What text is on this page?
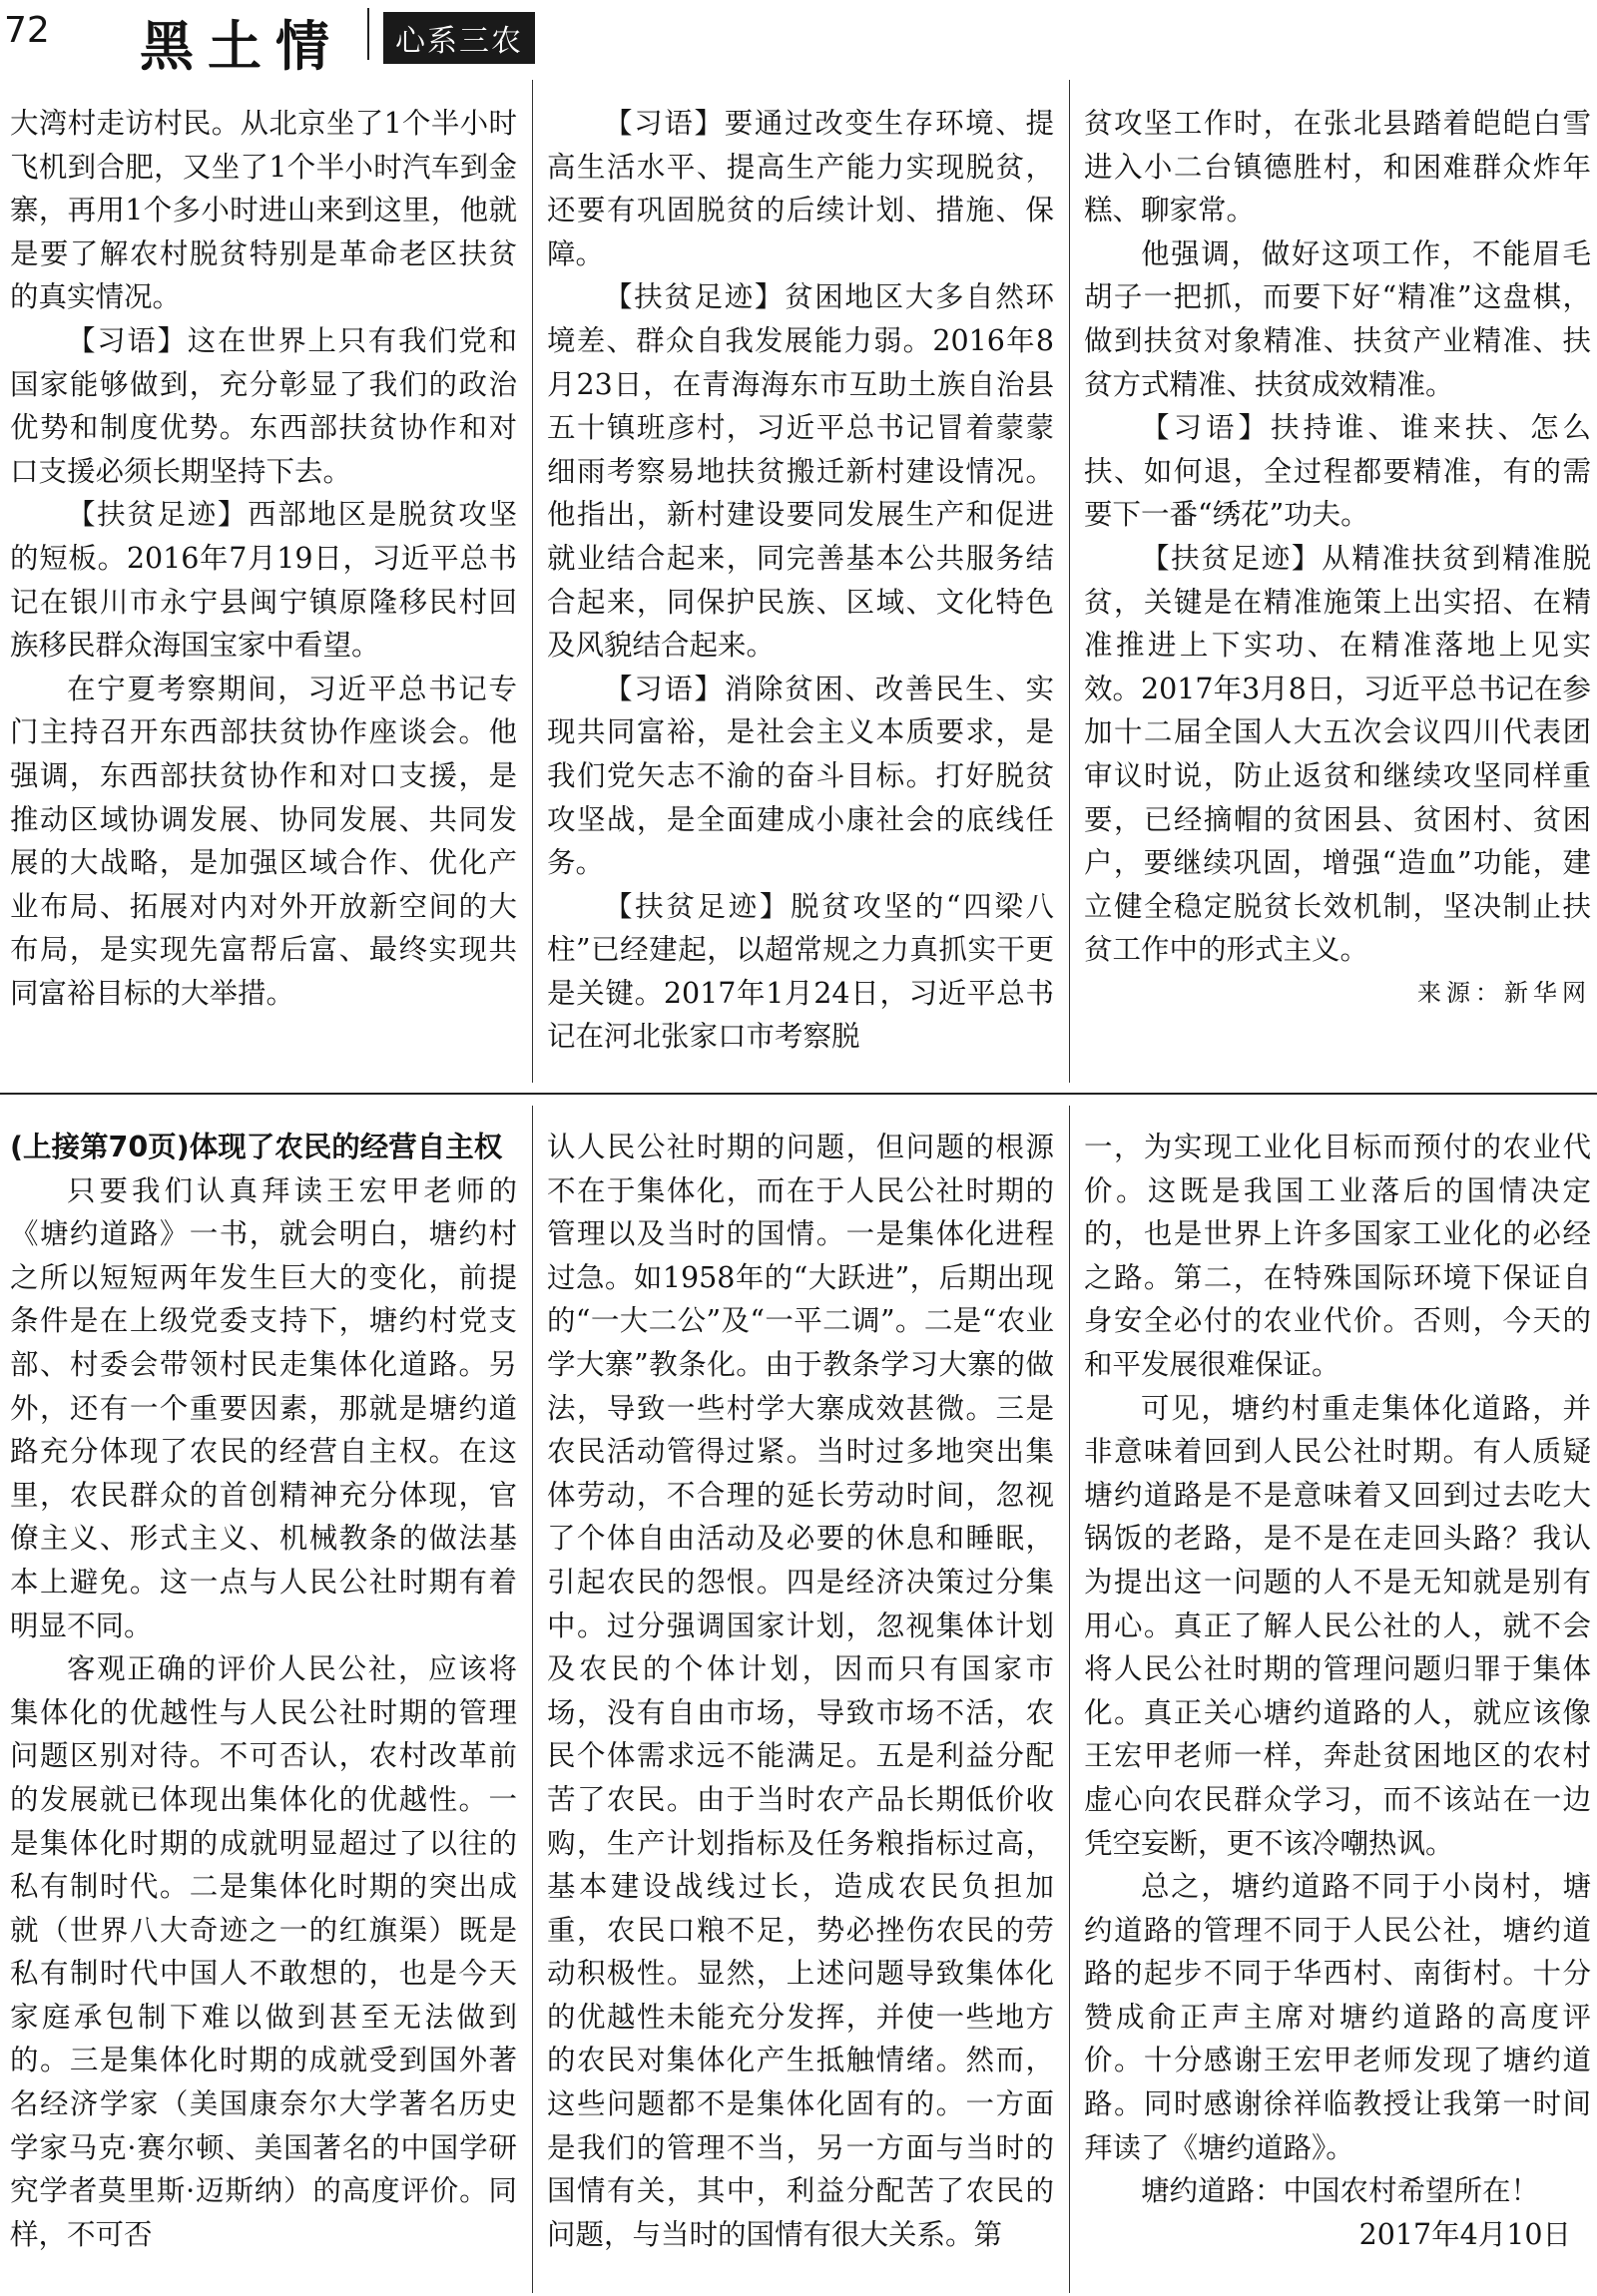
72 黑土情	心系三农

大湾村走访村民。从北京坐了1个半小时飞机到合肥，又坐了1个半小时汽车到金寨，再用1个多小时进山来到这里，他就是要了解农村脱贫特别是革命老区扶贫的真实情况。

【习语】这在世界上只有我们党和国家能够做到，充分彰显了我们的政治优势和制度优势。东西部扶贫协作和对口支援必须长期坚持下去。

【扶贫足迹】西部地区是脱贫攻坚的短板。2016年7月19日，习近平总书记在银川市永宁县闽宁镇原隆移民村回族移民群众海国宝家中看望。

在宁夏考察期间，习近平总书记专门主持召开东西部扶贫协作座谈会。他强调，东西部扶贫协作和对口支援，是推动区域协调发展、协同发展、共同发展的大战略，是加强区域合作、优化产业布局、拓展对内对外开放新空间的大布局，是实现先富帮后富、最终实现共同富裕目标的大举措。

【习语】要通过改变生存环境、提高生活水平、提高生产能力实现脱贫，还要有巩固脱贫的后续计划、措施、保障。

【扶贫足迹】贫困地区大多自然环境差、群众自我发展能力弱。2016年8月23日，在青海海东市互助土族自治县五十镇班彦村，习近平总书记冒着蒙蒙细雨考察易地扶贫搬迁新村建设情况。他指出，新村建设要同发展生产和促进就业结合起来，同完善基本公共服务结合起来，同保护民族、区域、文化特色及风貌结合起来。

【习语】消除贫困、改善民生、实现共同富裕，是社会主义本质要求，是我们党矢志不渝的奋斗目标。打好脱贫攻坚战，是全面建成小康社会的底线任务。

【扶贫足迹】脱贫攻坚的“四梁八柱”已经建起，以超常规之力真抓实干更是关键。2017年1月24日，习近平总书记在河北张家口市考察脱

贫攻坚工作时，在张北县踏着皑皑白雪进入小二台镇德胜村，和困难群众炸年糕、聊家常。

他强调，做好这项工作，不能眉毛胡子一把抓，而要下好“精准”这盘棋，做到扶贫对象精准、扶贫产业精准、扶贫方式精准、扶贫成效精准。

【习语】扶持谁、谁来扶、怎么扶、如何退，全过程都要精准，有的需要下一番“绣花”功夫。

【扶贫足迹】从精准扶贫到精准脱贫，关键是在精准施策上出实招、在精准推进上下实功、在精准落地上见实效。2017年3月8日，习近平总书记在参加十二届全国人大五次会议四川代表团审议时说，防止返贫和继续攻坚同样重要，已经摘帽的贫困县、贫困村、贫困户，要继续巩固，增强“造血”功能，建立健全稳定脱贫长效机制，坚决制止扶贫工作中的形式主义。

来源：新华网

(上接第70页)体现了农民的经营自主权

只要我们认真拜读王宏甲老师的《塘约道路》一书，就会明白，塘约村之所以短短两年发生巨大的变化，前提条件是在上级党委支持下，塘约村党支部、村委会带领村民走集体化道路。另外，还有一个重要因素，那就是塘约道路充分体现了农民的经营自主权。在这里，农民群众的首创精神充分体现，官僚主义、形式主义、机械教条的做法基本上避免。这一点与人民公社时期有着明显不同。

客观正确的评价人民公社，应该将集体化的优越性与人民公社时期的管理问题区别对待。不可否认，农村改革前的发展就已体现出集体化的优越性。一是集体化时期的成就明显超过了以往的私有制时代。二是集体化时期的突出成就（世界八大奇迹之一的红旗渠）既是私有制时代中国人不敢想的，也是今天家庭承包制下难以做到甚至无法做到的。三是集体化时期的成就受到国外著名经济学家（美国康奈尔大学著名历史学家马克·赛尔顿、美国著名的中国学研究学者莫里斯·迈斯纳）的高度评价。同样，不可否

认人民公社时期的问题，但问题的根源不在于集体化，而在于人民公社时期的管理以及当时的国情。一是集体化进程过急。如1958年的“大跃进”，后期出现的“一大二公”及“一平二调”。二是“农业学大寨”教条化。由于教条学习大寨的做法，导致一些村学大寨成效甚微。三是农民活动管得过紧。当时过多地突出集体劳动，不合理的延长劳动时间，忽视了个体自由活动及必要的休息和睡眠，引起农民的怨恨。四是经济决策过分集中。过分强调国家计划，忽视集体计划及农民的个体计划，因而只有国家市场，没有自由市场，导致市场不活，农民个体需求远不能满足。五是利益分配苦了农民。由于当时农产品长期低价收购，生产计划指标及任务粮指标过高，基本建设战线过长，造成农民负担加重，农民口粮不足，势必挫伤农民的劳动积极性。显然，上述问题导致集体化的优越性未能充分发挥，并使一些地方的农民对集体化产生抵触情绪。然而，这些问题都不是集体化固有的。一方面是我们的管理不当，另一方面与当时的国情有关，其中，利益分配苦了农民的问题，与当时的国情有很大关系。第

一，为实现工业化目标而预付的农业代价。这既是我国工业落后的国情决定的，也是世界上许多国家工业化的必经之路。第二，在特殊国际环境下保证自身安全必付的农业代价。否则，今天的和平发展很难保证。

可见，塘约村重走集体化道路，并非意味着回到人民公社时期。有人质疑塘约道路是不是意味着又回到过去吃大锅饭的老路，是不是在走回头路？我认为提出这一问题的人不是无知就是别有用心。真正了解人民公社的人，就不会将人民公社时期的管理问题归罪于集体化。真正关心塘约道路的人，就应该像王宏甲老师一样，奔赴贫困地区的农村虚心向农民群众学习，而不该站在一边凭空妄断，更不该冷嘲热讽。

总之，塘约道路不同于小岗村，塘约道路的管理不同于人民公社，塘约道路的起步不同于华西村、南街村。十分赞成俞正声主席对塘约道路的高度评价。十分感谢王宏甲老师发现了塘约道路。同时感谢徐祥临教授让我第一时间拜读了《塘约道路》。

塘约道路：中国农村希望所在！

2017年4月10日
